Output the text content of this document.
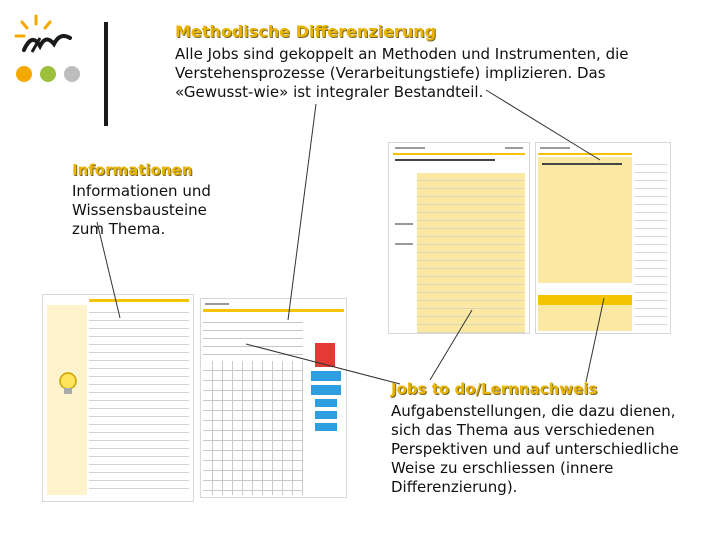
Methodische Differenzierung
Alle Jobs sind gekoppelt an Methoden und Instrumenten, die Verstehensprozesse (Verarbeitungstiefe) implizieren. Das «Gewusst-wie» ist integraler Bestandteil.
Informationen
Informationen und Wissensbausteine zum Thema.
Jobs to do/Lernnachweis
Aufgabenstellungen, die dazu dienen, sich das Thema aus verschiedenen Perspektiven und auf unterschiedliche Weise zu erschliessen (innere Differenzierung).
